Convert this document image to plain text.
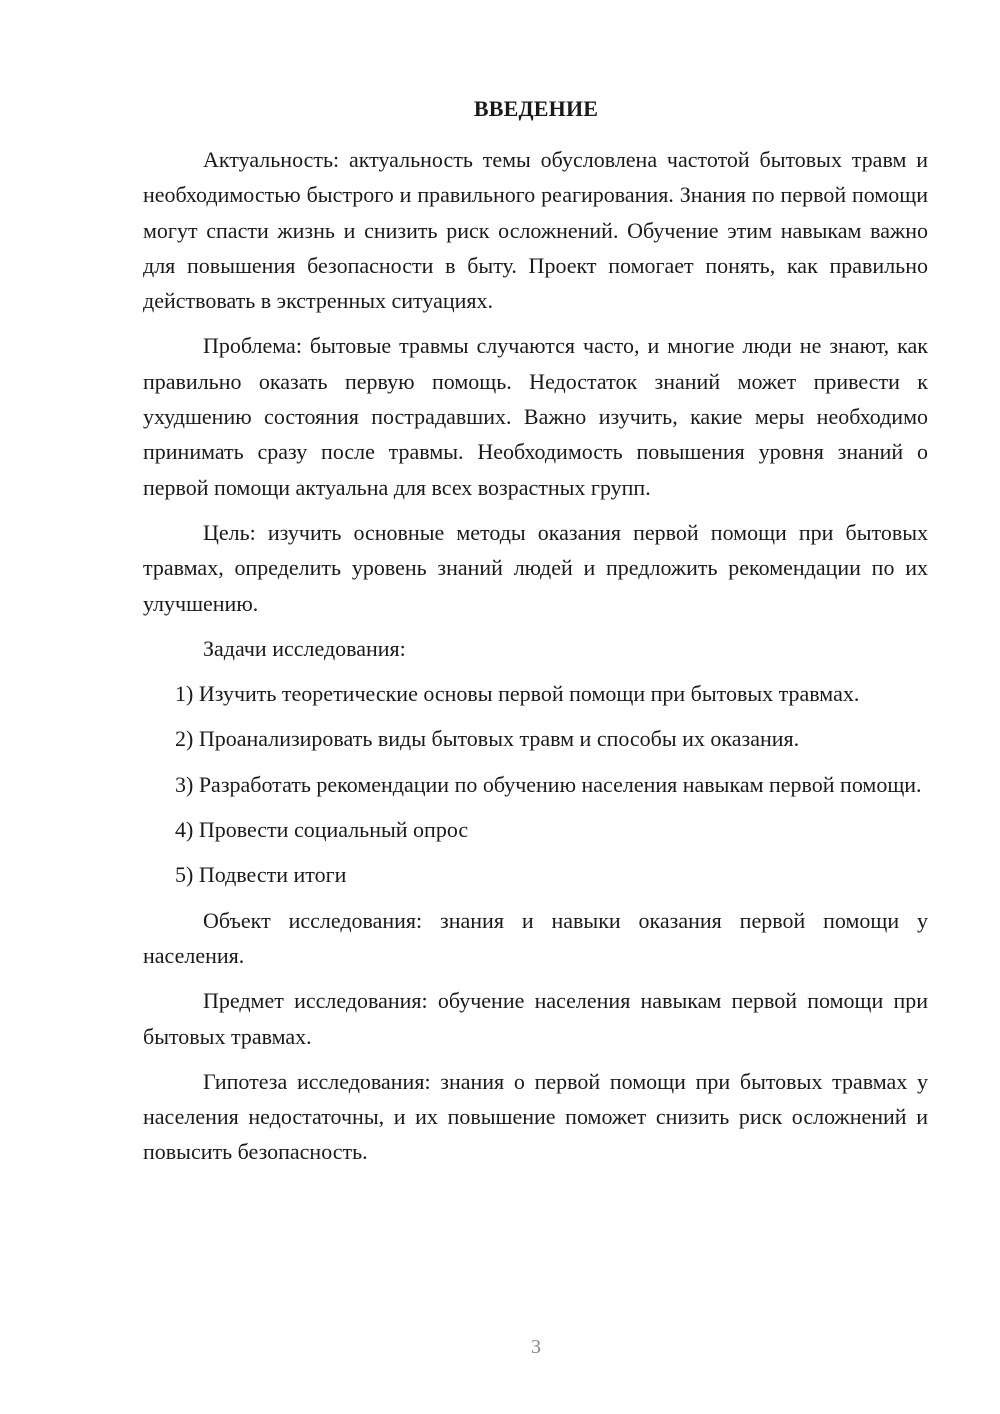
ВВЕДЕНИЕ

Актуальность: актуальность темы обусловлена частотой бытовых травм и необходимостью быстрого и правильного реагирования. Знания по первой помощи могут спасти жизнь и снизить риск осложнений. Обучение этим навыкам важно для повышения безопасности в быту. Проект помогает понять, как правильно действовать в экстренных ситуациях.

Проблема: бытовые травмы случаются часто, и многие люди не знают, как правильно оказать первую помощь. Недостаток знаний может привести к ухудшению состояния пострадавших. Важно изучить, какие меры необходимо принимать сразу после травмы. Необходимость повышения уровня знаний о первой помощи актуальна для всех возрастных групп.

Цель: изучить основные методы оказания первой помощи при бытовых травмах, определить уровень знаний людей и предложить рекомендации по их улучшению.

Задачи исследования:

1) Изучить теоретические основы первой помощи при бытовых травмах.

2) Проанализировать виды бытовых травм и способы их оказания.

3) Разработать рекомендации по обучению населения навыкам первой помощи.

4) Провести социальный опрос

5) Подвести итоги

Объект исследования: знания и навыки оказания первой помощи у населения.

Предмет исследования: обучение населения навыкам первой помощи при бытовых травмах.

Гипотеза исследования: знания о первой помощи при бытовых травмах у населения недостаточны, и их повышение поможет снизить риск осложнений и повысить безопасность.

3
